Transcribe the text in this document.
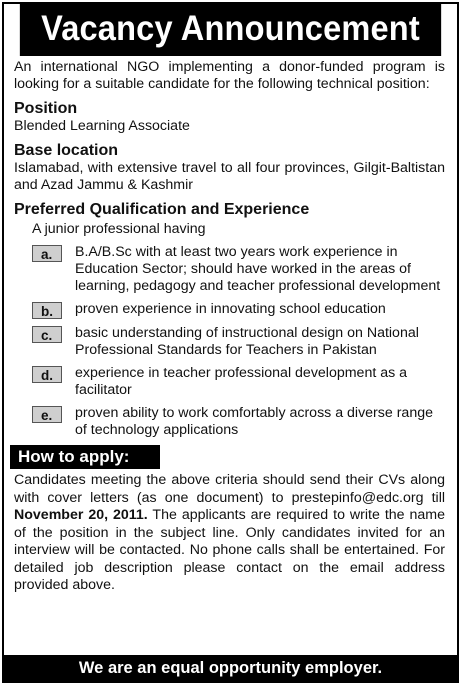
Vacancy Announcement

An international NGO implementing a donor-funded program is
looking for a suitable candidate for the following technical position:

Position

Blended Learning Associate

Base location

Islamabad, with extensive travel to all four provinces, Gilgit-Baltistan and Azad Jammu & Kashmir

Preferred Qualification and Experience
A junior professional having
a.	B.A/B.Sc with at least two years work experience in Education Sector; should have worked in the areas of learning, pedagogy and teacher professional development
b.	proven experience in innovating school education
c.	basic understanding of instructional design on National Professional Standards for Teachers in Pakistan
d.	experience in teacher professional development as a facilitator
e.	proven ability to work comfortably across a diverse range of technology applications
How to apply:

Candidates meeting the above criteria should send their CVs along with cover letters (as one document) to prestepinfo@edc.org till November 20, 2011. The applicants are required to write the name of the position in the subject line. Only candidates invited for an interview will be contacted. No phone calls shall be entertained. For detailed job description please contact on the email address provided above.

We are an equal opportunity employer.
